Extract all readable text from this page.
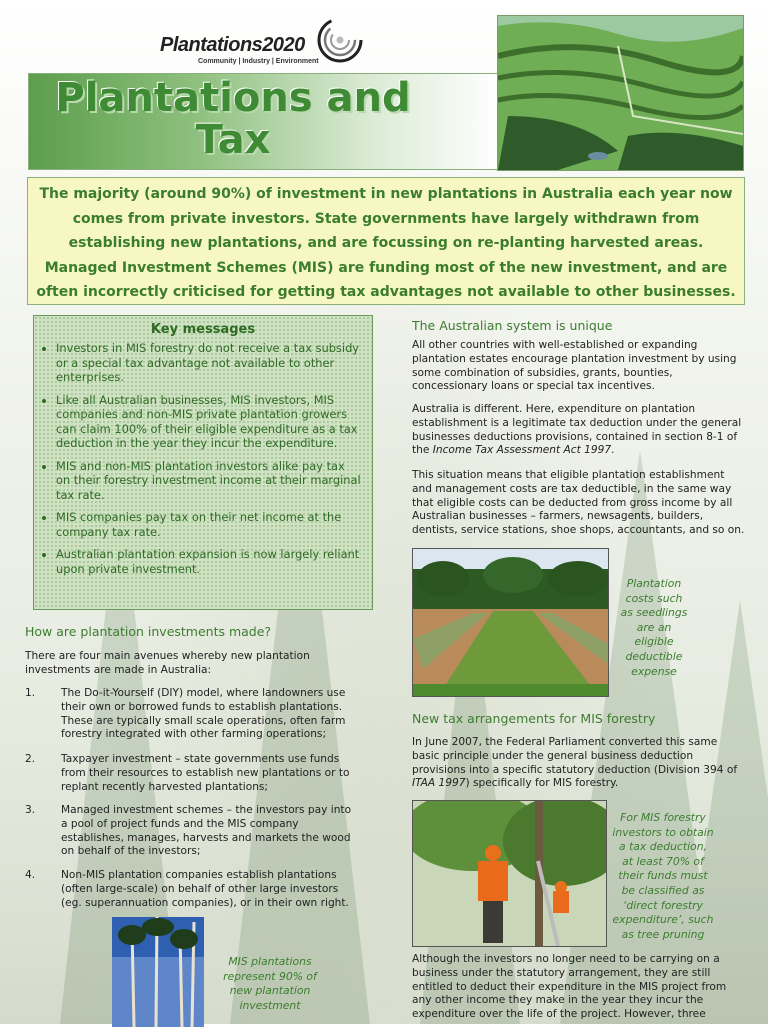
Plantations2020
Community | Industry | Environment
Plantations and Tax
The majority (around 90%) of investment in new plantations in Australia each year now comes from private investors. State governments have largely withdrawn from establishing new plantations, and are focussing on re-planting harvested areas. Managed Investment Schemes (MIS) are funding most of the new investment, and are often incorrectly criticised for getting tax advantages not available to other businesses.
Key messages
• Investors in MIS forestry do not receive a tax subsidy or a special tax advantage not available to other enterprises.
• Like all Australian businesses, MIS investors, MIS companies and non-MIS private plantation growers can claim 100% of their eligible expenditure as a tax deduction in the year they incur the expenditure.
• MIS and non-MIS plantation investors alike pay tax on their forestry investment income at their marginal tax rate.
• MIS companies pay tax on their net income at the company tax rate.
• Australian plantation expansion is now largely reliant upon private investment.
How are plantation investments made?
There are four main avenues whereby new plantation investments are made in Australia:
1. The Do-it-Yourself (DIY) model, where landowners use their own or borrowed funds to establish plantations. These are typically small scale operations, often farm forestry integrated with other farming operations;
2. Taxpayer investment – state governments use funds from their resources to establish new plantations or to replant recently harvested plantations;
3. Managed investment schemes – the investors pay into a pool of project funds and the MIS company establishes, manages, harvests and markets the wood on behalf of the investors;
4. Non-MIS plantation companies establish plantations (often large-scale) on behalf of other large investors (eg. superannuation companies), or in their own right.
MIS plantations represent 90% of new plantation investment
The Australian system is unique
All other countries with well-established or expanding plantation estates encourage plantation investment by using some combination of subsidies, grants, bounties, concessionary loans or special tax incentives.
Australia is different. Here, expenditure on plantation establishment is a legitimate tax deduction under the general businesses deductions provisions, contained in section 8-1 of the Income Tax Assessment Act 1997.
This situation means that eligible plantation establishment and management costs are tax deductible, in the same way that eligible costs can be deducted from gross income by all Australian businesses – farmers, newsagents, builders, dentists, service stations, shoe shops, accountants, and so on.
Plantation costs such as seedlings are an eligible deductible expense
New tax arrangements for MIS forestry
In June 2007, the Federal Parliament converted this same basic principle under the general business deduction provisions into a specific statutory deduction (Division 394 of ITAA 1997) specifically for MIS forestry.
For MIS forestry investors to obtain a tax deduction, at least 70% of their funds must be classified as ‘direct forestry expenditure’, such as tree pruning
Although the investors no longer need to be carrying on a business under the statutory arrangement, they are still entitled to deduct their expenditure in the MIS project from any other income they make in the year they incur the expenditure over the life of the project. However, three
